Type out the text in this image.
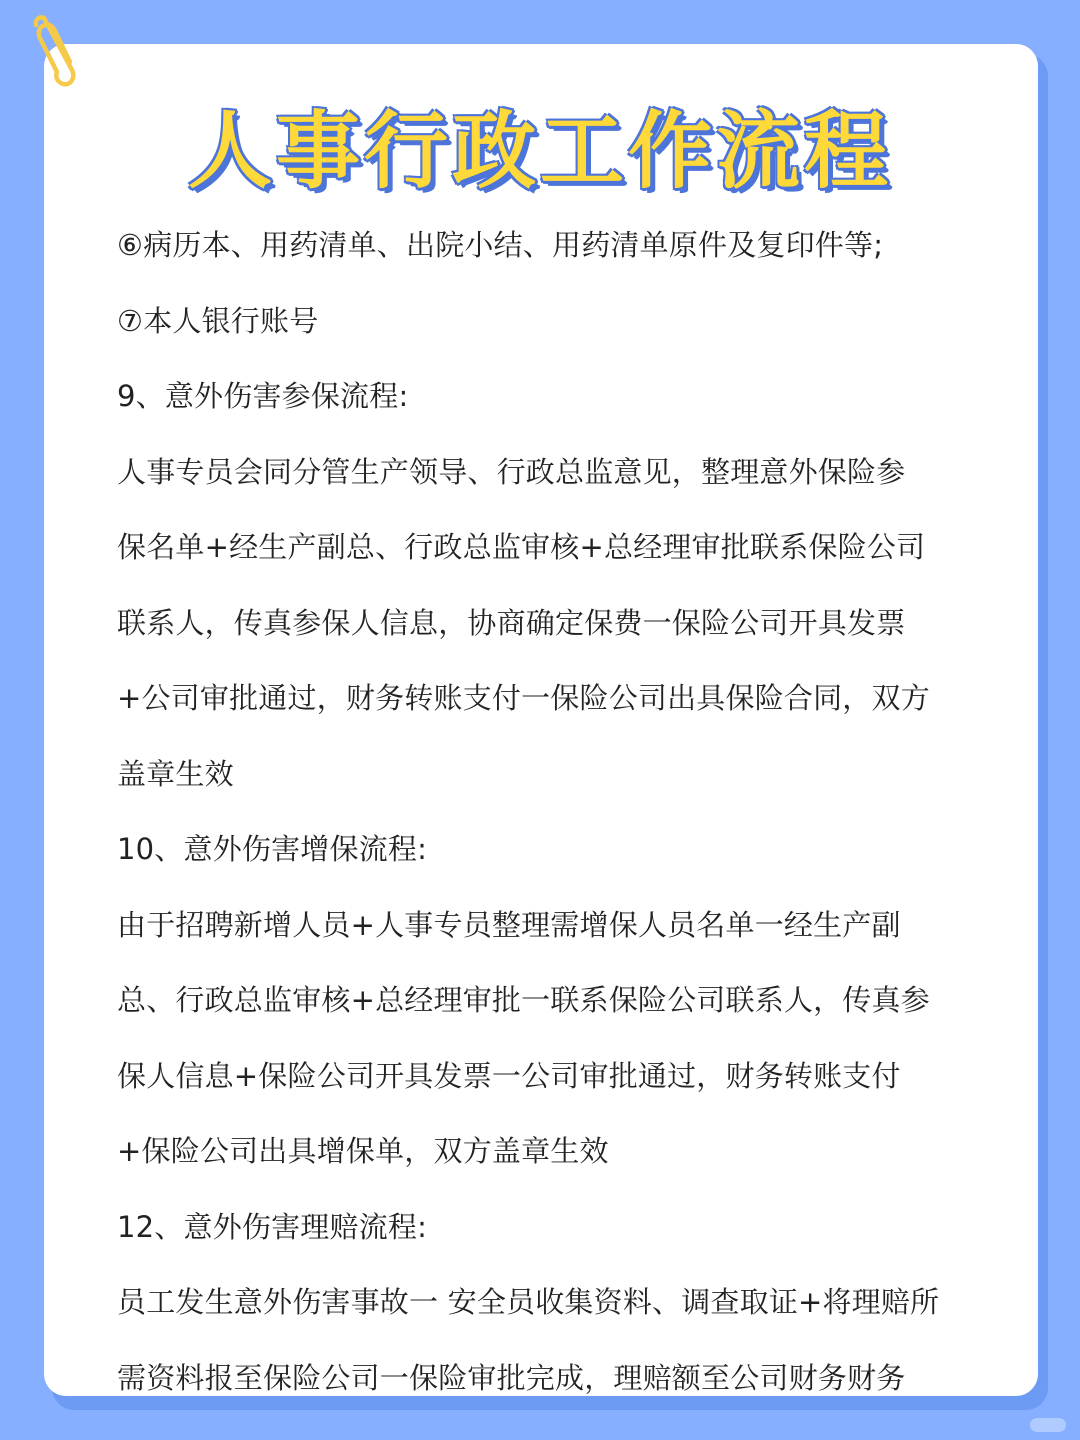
人事行政工作流程
⑥病历本、用药清单、出院小结、用药清单原件及复印件等;
⑦本人银行账号
9、意外伤害参保流程:
人事专员会同分管生产领导、行政总监意见，整理意外保险参
保名单+经生产副总、行政总监审核+总经理审批联系保险公司
联系人，传真参保人信息，协商确定保费一保险公司开具发票
+公司审批通过，财务转账支付一保险公司出具保险合同，双方
盖章生效
10、意外伤害增保流程:
由于招聘新增人员+人事专员整理需增保人员名单一经生产副
总、行政总监审核+总经理审批一联系保险公司联系人，传真参
保人信息+保险公司开具发票一公司审批通过，财务转账支付
+保险公司出具增保单，双方盖章生效
12、意外伤害理赔流程:
员工发生意外伤害事故一 安全员收集资料、调查取证+将理赔所
需资料报至保险公司一保险审批完成，理赔额至公司财务财务
